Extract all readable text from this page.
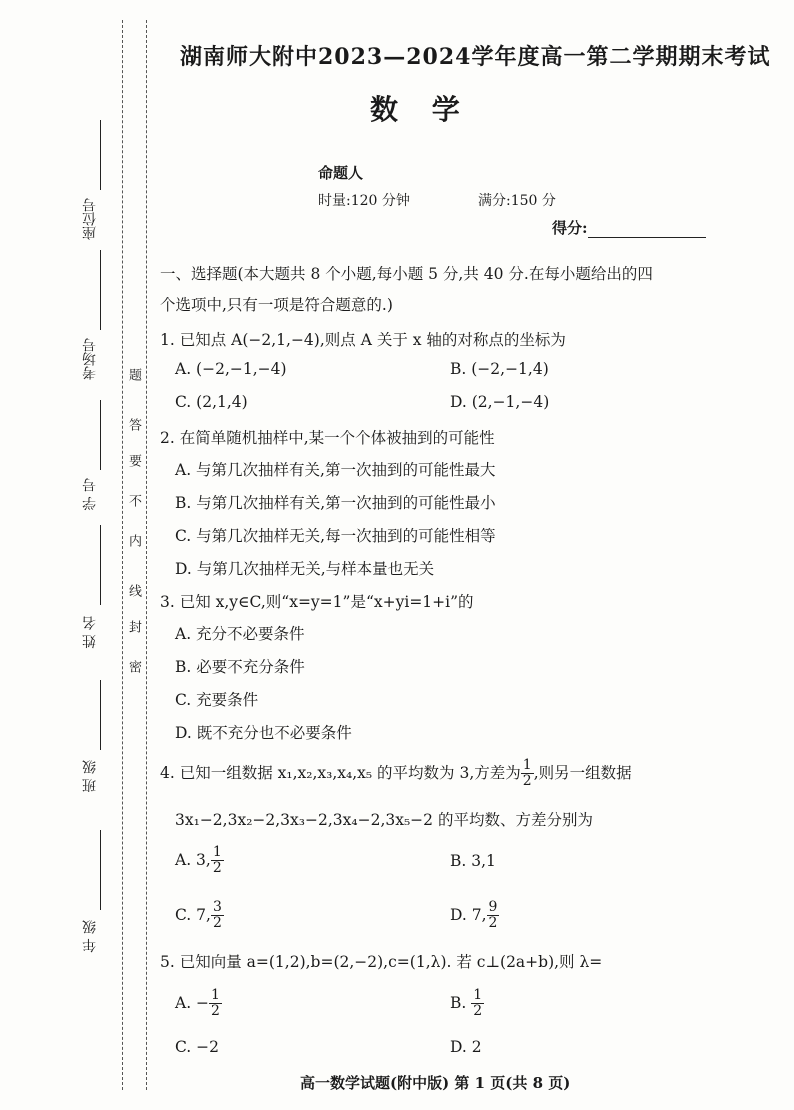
座位号
考场号
学 号
姓 名
班 级
年 级
题
答
要
不
内
线
封
密
湖南师大附中2023—2024学年度高一第二学期期末考试
数 学
命题人
时量:120 分钟	满分:150 分
得分:
一、选择题(本大题共 8 个小题,每小题 5 分,共 40 分.在每小题给出的四
个选项中,只有一项是符合题意的.)
1. 已知点 A(−2,1,−4),则点 A 关于 x 轴的对称点的坐标为
A. (−2,−1,−4)	B. (−2,−1,4)
C. (2,1,4)	D. (2,−1,−4)
2. 在简单随机抽样中,某一个个体被抽到的可能性
A. 与第几次抽样有关,第一次抽到的可能性最大
B. 与第几次抽样有关,第一次抽到的可能性最小
C. 与第几次抽样无关,每一次抽到的可能性相等
D. 与第几次抽样无关,与样本量也无关
3. 已知 x,y∈C,则“x=y=1”是“x+yi=1+i”的
A. 充分不必要条件
B. 必要不充分条件
C. 充要条件
D. 既不充分也不必要条件
4. 已知一组数据 x₁,x₂,x₃,x₄,x₅ 的平均数为 3,方差为 $\frac{1}{2}$ ,则另一组数据
3x₁−2,3x₂−2,3x₃−2,3x₄−2,3x₅−2 的平均数、方差分别为
A. 3, $\frac{1}{2}$	B. 3,1
C. 7, $\frac{3}{2}$	D. 7, $\frac{9}{2}$
5. 已知向量 a=(1,2),b=(2,−2),c=(1,λ). 若 c⊥(2a+b),则 λ=
A. − $\frac{1}{2}$	B. $\frac{1}{2}$
C. −2	D. 2
高一数学试题(附中版) 第 1 页(共 8 页)
